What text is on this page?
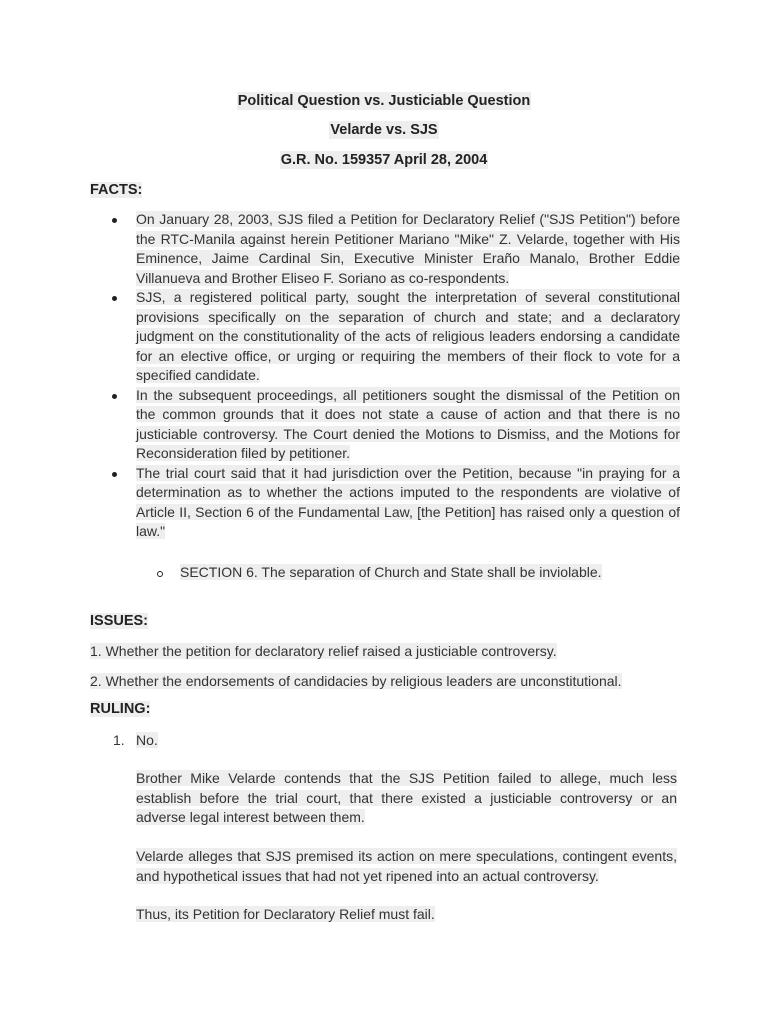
Political Question vs. Justiciable Question
Velarde vs. SJS
G.R. No. 159357 April 28, 2004
FACTS:
On January 28, 2003, SJS filed a Petition for Declaratory Relief ("SJS Petition") before the RTC-Manila against herein Petitioner Mariano "Mike" Z. Velarde, together with His Eminence, Jaime Cardinal Sin, Executive Minister Eraño Manalo, Brother Eddie Villanueva and Brother Eliseo F. Soriano as co-respondents.
SJS, a registered political party, sought the interpretation of several constitutional provisions specifically on the separation of church and state; and a declaratory judgment on the constitutionality of the acts of religious leaders endorsing a candidate for an elective office, or urging or requiring the members of their flock to vote for a specified candidate.
In the subsequent proceedings, all petitioners sought the dismissal of the Petition on the common grounds that it does not state a cause of action and that there is no justiciable controversy. The Court denied the Motions to Dismiss, and the Motions for Reconsideration filed by petitioner.
The trial court said that it had jurisdiction over the Petition, because "in praying for a determination as to whether the actions imputed to the respondents are violative of Article II, Section 6 of the Fundamental Law, [the Petition] has raised only a question of law."
SECTION 6. The separation of Church and State shall be inviolable.
ISSUES:
1. Whether the petition for declaratory relief raised a justiciable controversy.
2. Whether the endorsements of candidacies by religious leaders are unconstitutional.
RULING:
1. No.
Brother Mike Velarde contends that the SJS Petition failed to allege, much less establish before the trial court, that there existed a justiciable controversy or an adverse legal interest between them.
Velarde alleges that SJS premised its action on mere speculations, contingent events, and hypothetical issues that had not yet ripened into an actual controversy.
Thus, its Petition for Declaratory Relief must fail.
